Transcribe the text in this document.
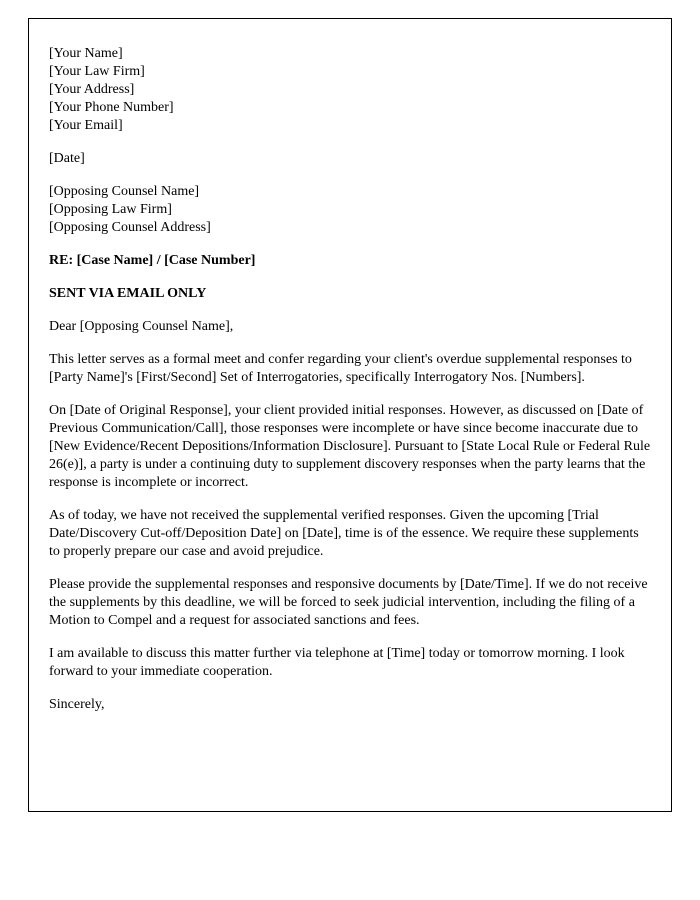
[Your Name]
[Your Law Firm]
[Your Address]
[Your Phone Number]
[Your Email]
[Date]
[Opposing Counsel Name]
[Opposing Law Firm]
[Opposing Counsel Address]

RE: [Case Name] / [Case Number]

SENT VIA EMAIL ONLY

Dear [Opposing Counsel Name],

This letter serves as a formal meet and confer regarding your client's overdue supplemental responses to [Party Name]'s [First/Second] Set of Interrogatories, specifically Interrogatory Nos. [Numbers].

On [Date of Original Response], your client provided initial responses. However, as discussed on [Date of Previous Communication/Call], those responses were incomplete or have since become inaccurate due to [New Evidence/Recent Depositions/Information Disclosure]. Pursuant to [State Local Rule or Federal Rule 26(e)], a party is under a continuing duty to supplement discovery responses when the party learns that the response is incomplete or incorrect.

As of today, we have not received the supplemental verified responses. Given the upcoming [Trial Date/Discovery Cut-off/Deposition Date] on [Date], time is of the essence. We require these supplements to properly prepare our case and avoid prejudice.

Please provide the supplemental responses and responsive documents by [Date/Time]. If we do not receive the supplements by this deadline, we will be forced to seek judicial intervention, including the filing of a Motion to Compel and a request for associated sanctions and fees.

I am available to discuss this matter further via telephone at [Time] today or tomorrow morning. I look forward to your immediate cooperation.

Sincerely,
